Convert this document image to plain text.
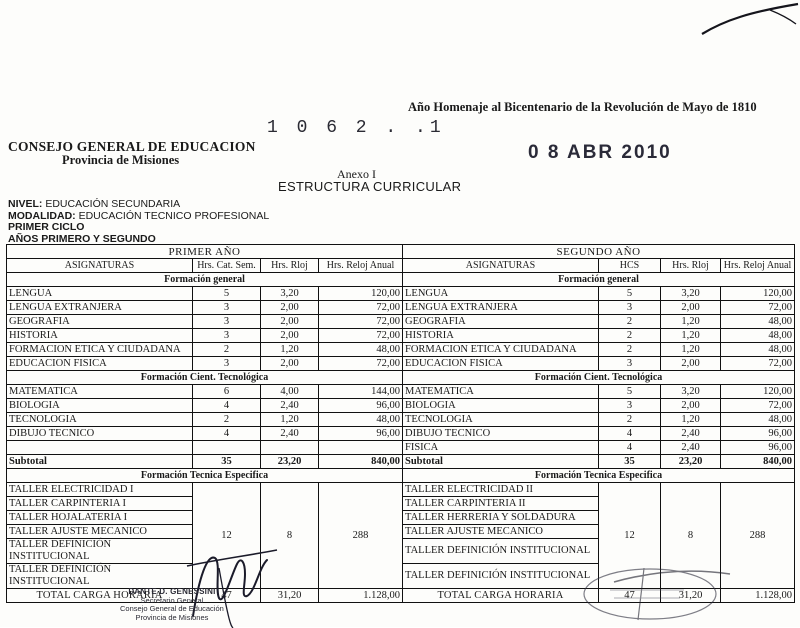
Año Homenaje al Bicentenario de la Revolución de Mayo de 1810
1 0 6 2 . .1
0 8 ABR 2010
CONSEJO GENERAL DE EDUCACION
Provincia de Misiones
Anexo I
ESTRUCTURA CURRICULAR
NIVEL: EDUCACIÓN SECUNDARIA
MODALIDAD: EDUCACIÓN TECNICO PROFESIONAL
PRIMER CICLO
AÑOS PRIMERO Y SEGUNDO
PRIMER AÑO				SEGUNDO AÑO			
ASIGNATURAS	Hrs. Cat. Sem.	Hrs. Rloj	Hrs. Reloj Anual	ASIGNATURAS	HCS	Hrs. Rloj	Hrs. Reloj Anual
Formación general				Formación general			
LENGUA	5	3,20	120,00	LENGUA	5	3,20	120,00
LENGUA EXTRANJERA	3	2,00	72,00	LENGUA EXTRANJERA	3	2,00	72,00
GEOGRAFIA	3	2,00	72,00	GEOGRAFIA	2	1,20	48,00
HISTORIA	3	2,00	72,00	HISTORIA	2	1,20	48,00
FORMACION ETICA Y CIUDADANA	2	1,20	48,00	FORMACION ETICA Y CIUDADANA	2	1,20	48,00
EDUCACION FISICA	3	2,00	72,00	EDUCACION FISICA	3	2,00	72,00
Formación Cient. Tecnológica				Formación Cient. Tecnológica			
MATEMATICA	6	4,00	144,00	MATEMATICA	5	3,20	120,00
BIOLOGIA	4	2,40	96,00	BIOLOGIA	3	2,00	72,00
TECNOLOGIA	2	1,20	48,00	TECNOLOGIA	2	1,20	48,00
DIBUJO TECNICO	4	2,40	96,00	DIBUJO TECNICO	4	2,40	96,00
				FISICA	4	2,40	96,00
Subtotal	35	23,20	840,00	Subtotal	35	23,20	840,00
Formación Tecnica Especifica				Formación Tecnica Especifica			
TALLER ELECTRICIDAD I	12	8	288	TALLER ELECTRICIDAD II	12	8	288
TALLER CARPINTERIA I				TALLER CARPINTERIA II			
TALLER HOJALATERIA I				TALLER HERRERIA Y SOLDADURA			
TALLER AJUSTE MECANICO				TALLER AJUSTE MECANICO			
TALLER DEFINICIÓN INSTITUCIONAL				TALLER DEFINICIÓN INSTITUCIONAL			
TALLER DEFINICIÓN INSTITUCIONAL				TALLER DEFINICIÓN INSTITUCIONAL			
TOTAL CARGA HORARIA	47	31,20	1.128,00	TOTAL CARGA HORARIA	47	31,20	1.128,00
DANTE D. GENESSINI
Secretario General
Consejo General de Educación
Provincia de Misiones
